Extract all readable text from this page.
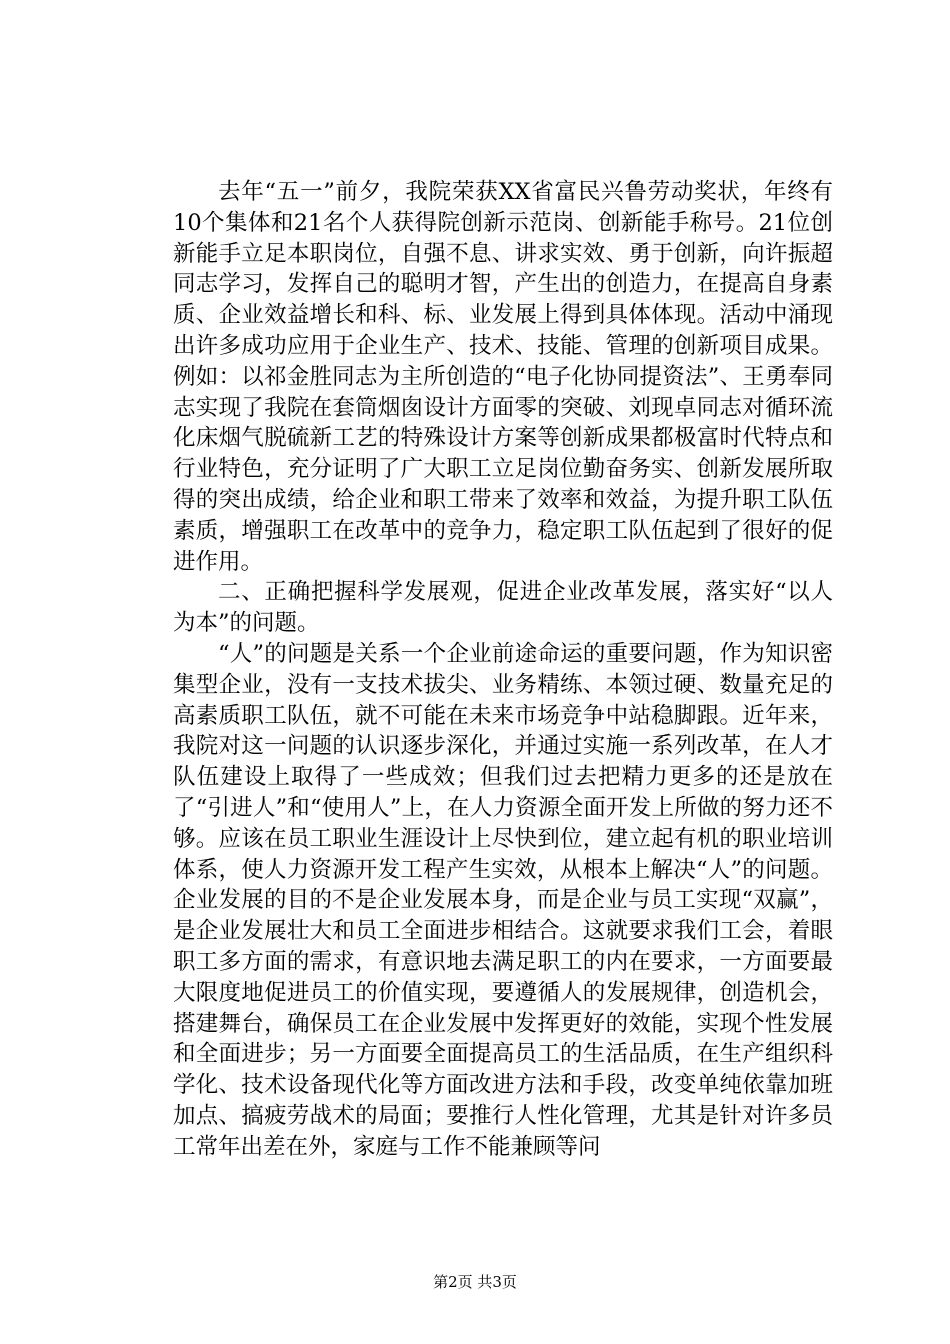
去年“五一”前夕，我院荣获XX省富民兴鲁劳动奖状，年终有10个集体和21名个人获得院创新示范岗、创新能手称号。21位创新能手立足本职岗位，自强不息、讲求实效、勇于创新，向许振超同志学习，发挥自己的聪明才智，产生出的创造力，在提高自身素质、企业效益增长和科、标、业发展上得到具体体现。活动中涌现出许多成功应用于企业生产、技术、技能、管理的创新项目成果。例如：以祁金胜同志为主所创造的“电子化协同提资法”、王勇奉同志实现了我院在套筒烟囱设计方面零的突破、刘现卓同志对循环流化床烟气脱硫新工艺的特殊设计方案等创新成果都极富时代特点和行业特色，充分证明了广大职工立足岗位勤奋务实、创新发展所取得的突出成绩，给企业和职工带来了效率和效益，为提升职工队伍素质，增强职工在改革中的竞争力，稳定职工队伍起到了很好的促进作用。

二、正确把握科学发展观，促进企业改革发展，落实好“以人为本”的问题。

“人”的问题是关系一个企业前途命运的重要问题，作为知识密集型企业，没有一支技术拔尖、业务精练、本领过硬、数量充足的高素质职工队伍，就不可能在未来市场竞争中站稳脚跟。近年来，我院对这一问题的认识逐步深化，并通过实施一系列改革，在人才队伍建设上取得了一些成效；但我们过去把精力更多的还是放在了“引进人”和“使用人”上，在人力资源全面开发上所做的努力还不够。应该在员工职业生涯设计上尽快到位，建立起有机的职业培训体系，使人力资源开发工程产生实效，从根本上解决“人”的问题。企业发展的目的不是企业发展本身，而是企业与员工实现“双赢”，是企业发展壮大和员工全面进步相结合。这就要求我们工会，着眼职工多方面的需求，有意识地去满足职工的内在要求，一方面要最大限度地促进员工的价值实现，要遵循人的发展规律，创造机会，搭建舞台，确保员工在企业发展中发挥更好的效能，实现个性发展和全面进步；另一方面要全面提高员工的生活品质，在生产组织科学化、技术设备现代化等方面改进方法和手段，改变单纯依靠加班加点、搞疲劳战术的局面；要推行人性化管理，尤其是针对许多员工常年出差在外，家庭与工作不能兼顾等问

第2页 共3页
